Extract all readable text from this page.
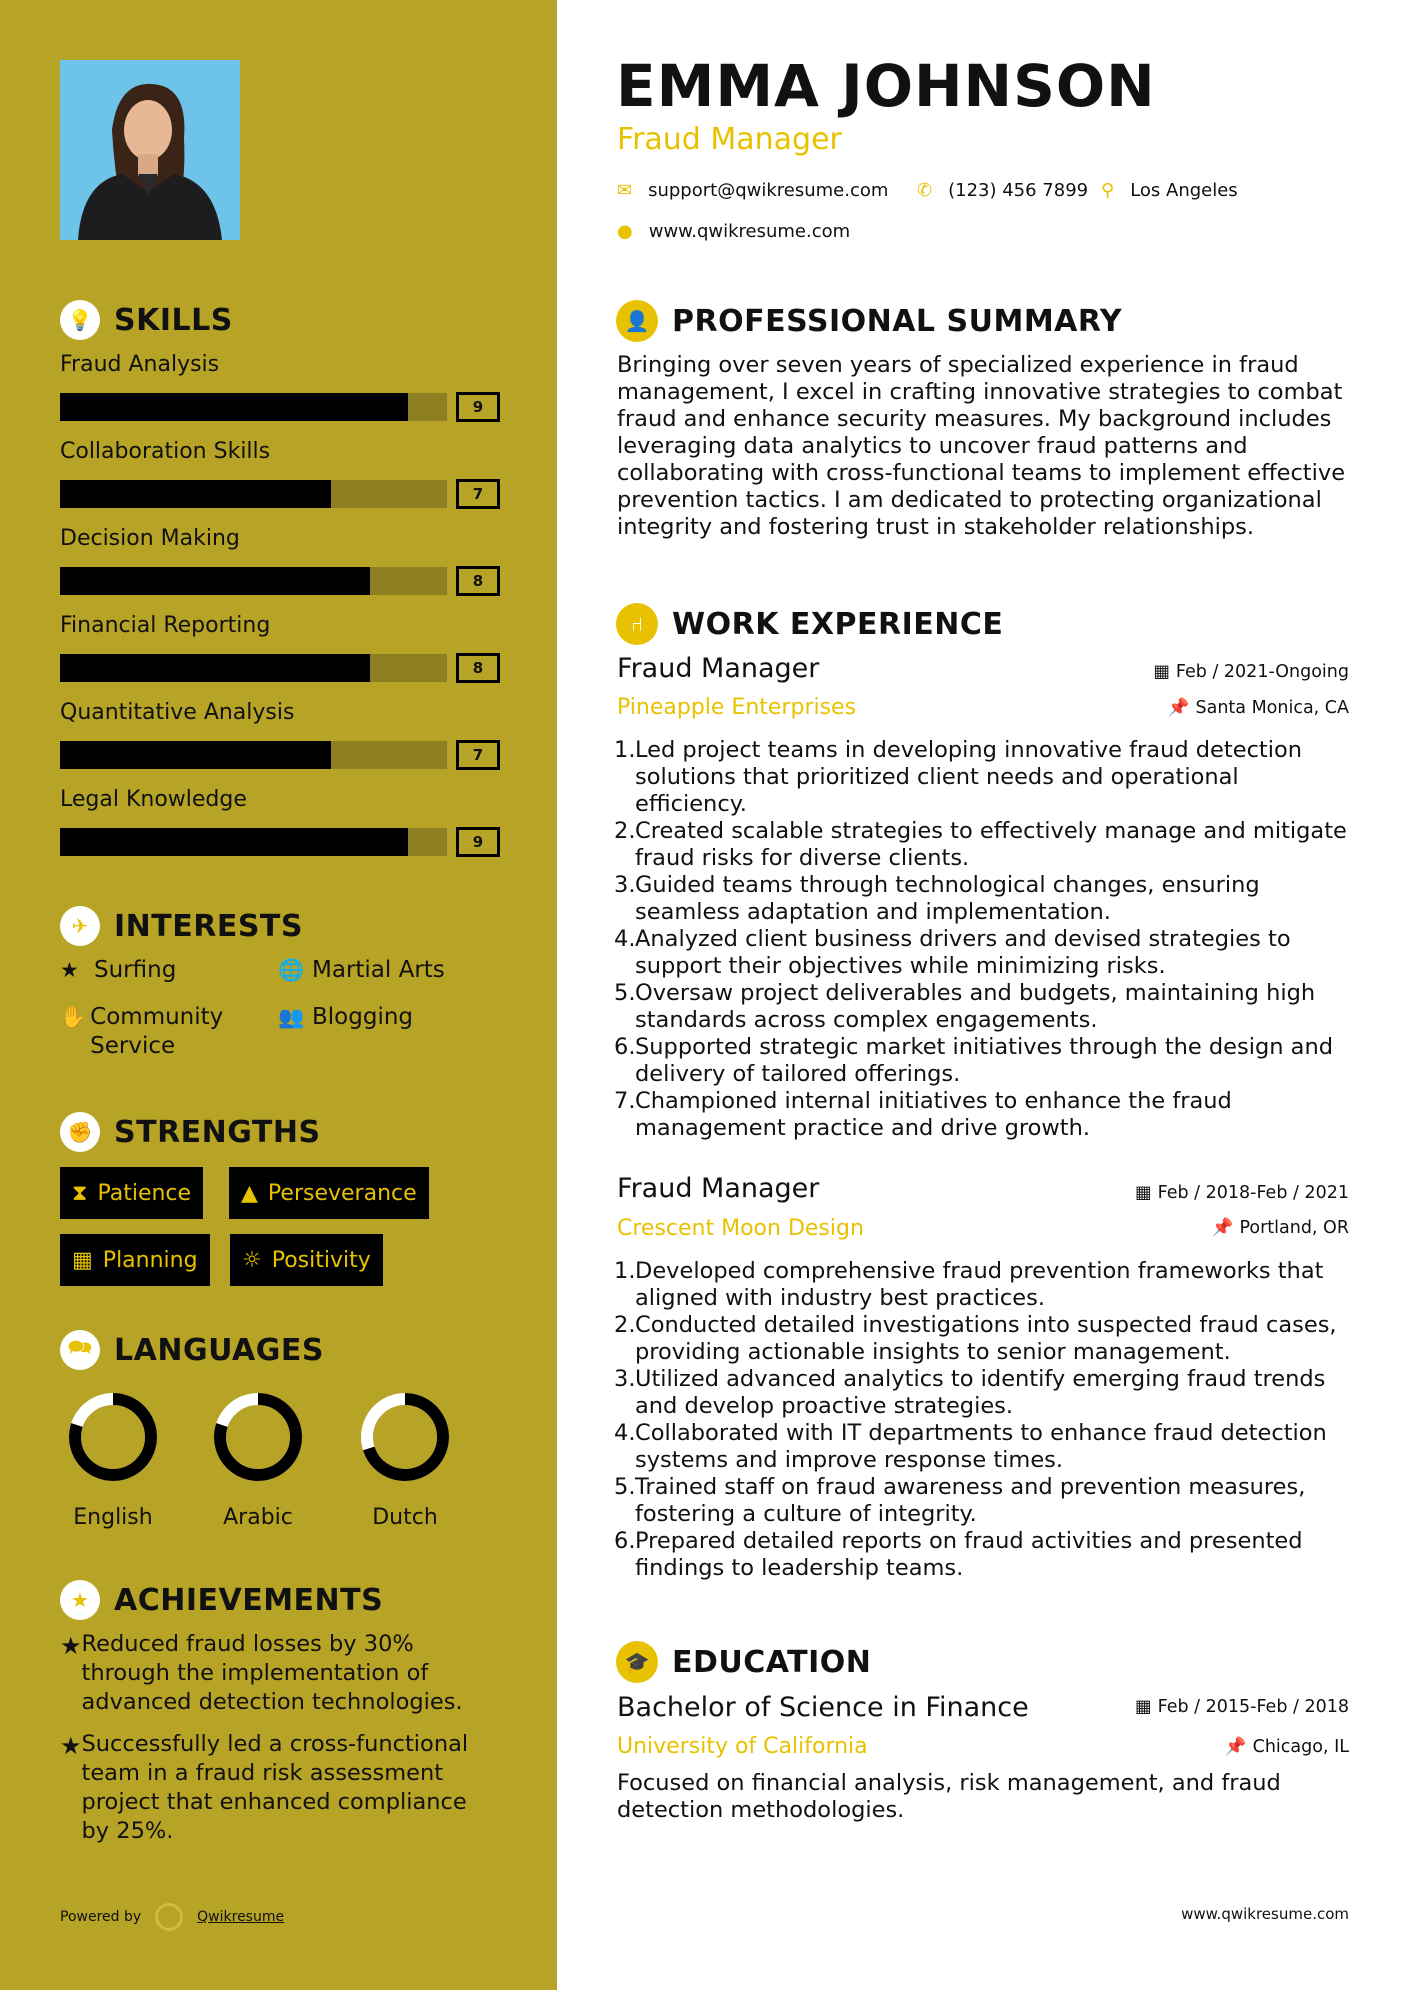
💡 SKILLS
Fraud Analysis
9
Collaboration Skills
7
Decision Making
8
Financial Reporting
8
Quantitative Analysis
7
Legal Knowledge
9
✈ INTERESTS
★ Surfing	🌐 Martial Arts
✋ Community Service
👥 Blogging
✊ STRENGTHS
⧗ Patience ▲ Perseverance
▦ Planning ☼ Positivity
🗪 LANGUAGES
English	Arabic	Dutch
★ ACHIEVEMENTS
★ Reduced fraud losses by 30% through the implementation of advanced detection technologies.
★ Successfully led a cross-functional team in a fraud risk assessment project that enhanced compliance by 25%.
Powered by	Qwikresume
EMMA JOHNSON
Fraud Manager
✉ support@qwikresume.com ✆ (123) 456 7899 ⚲ Los Angeles
● www.qwikresume.com
👤 PROFESSIONAL SUMMARY
Bringing over seven years of specialized experience in fraud management, I excel in crafting innovative strategies to combat fraud and enhance security measures. My background includes leveraging data analytics to uncover fraud patterns and collaborating with cross-functional teams to implement effective prevention tactics. I am dedicated to protecting organizational integrity and fostering trust in stakeholder relationships.
⑁ WORK EXPERIENCE
Fraud Manager
Pineapple Enterprises
▦ Feb / 2021-Ongoing
📌 Santa Monica, CA
1. Led project teams in developing innovative fraud detection solutions that prioritized client needs and operational efficiency.
2. Created scalable strategies to effectively manage and mitigate fraud risks for diverse clients.
3. Guided teams through technological changes, ensuring seamless adaptation and implementation.
4. Analyzed client business drivers and devised strategies to support their objectives while minimizing risks.
5. Oversaw project deliverables and budgets, maintaining high standards across complex engagements.
6. Supported strategic market initiatives through the design and delivery of tailored offerings.
7. Championed internal initiatives to enhance the fraud management practice and drive growth.
Fraud Manager
Crescent Moon Design
▦ Feb / 2018-Feb / 2021
📌 Portland, OR
1. Developed comprehensive fraud prevention frameworks that aligned with industry best practices.
2. Conducted detailed investigations into suspected fraud cases, providing actionable insights to senior management.
3. Utilized advanced analytics to identify emerging fraud trends and develop proactive strategies.
4. Collaborated with IT departments to enhance fraud detection systems and improve response times.
5. Trained staff on fraud awareness and prevention measures, fostering a culture of integrity.
6. Prepared detailed reports on fraud activities and presented findings to leadership teams.
🎓 EDUCATION
Bachelor of Science in Finance
University of California
▦ Feb / 2015-Feb / 2018
📌 Chicago, IL
Focused on financial analysis, risk management, and fraud detection methodologies.
www.qwikresume.com
